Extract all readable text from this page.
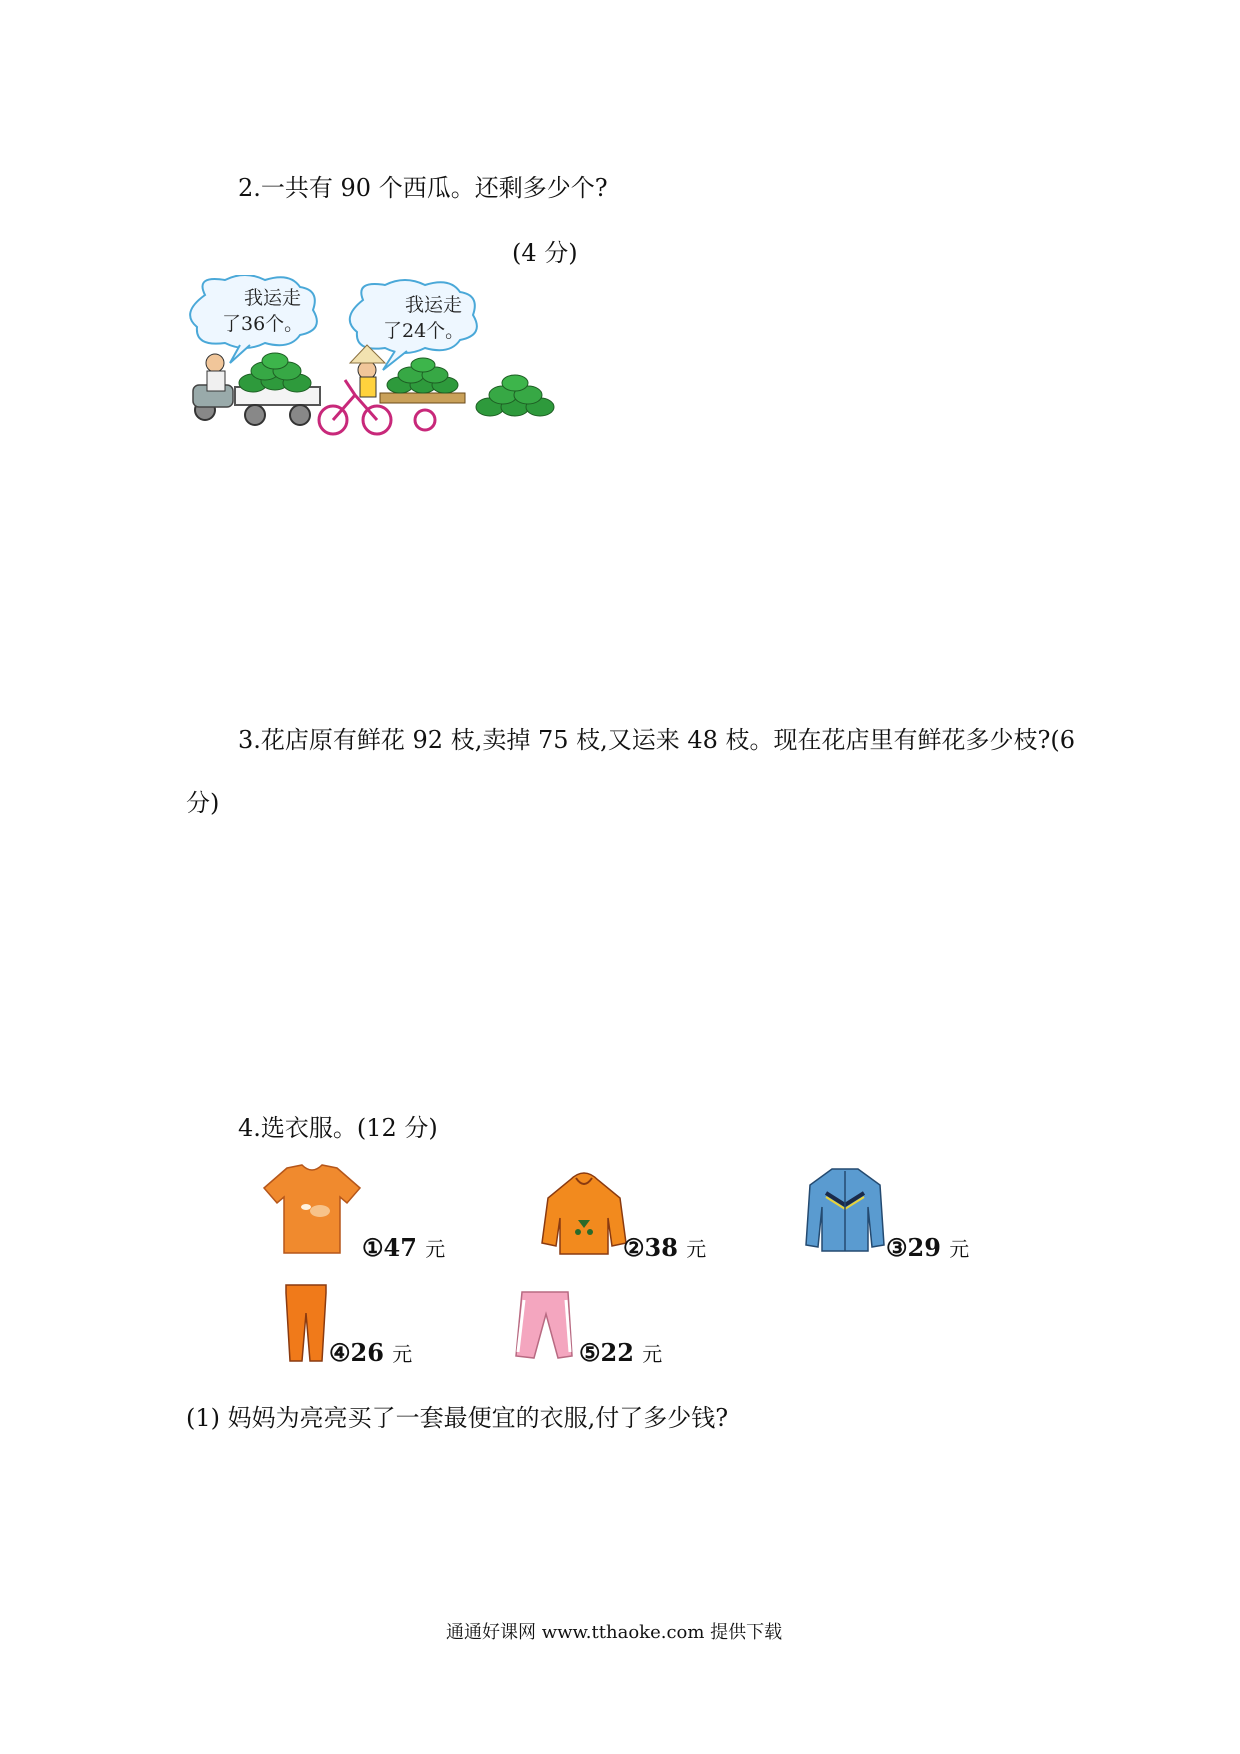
2.一共有 90 个西瓜。还剩多少个?
(4 分)
我运走
了36个。
我运走
了24个。
3.花店原有鲜花 92 枝,卖掉 75 枝,又运来 48 枝。现在花店里有鲜花多少枝?(6
分)
4.选衣服。(12 分)
①47 元	②38 元	③29 元
④26 元	⑤22 元
(1) 妈妈为亮亮买了一套最便宜的衣服,付了多少钱?
通通好课网 www.tthaoke.com 提供下载
